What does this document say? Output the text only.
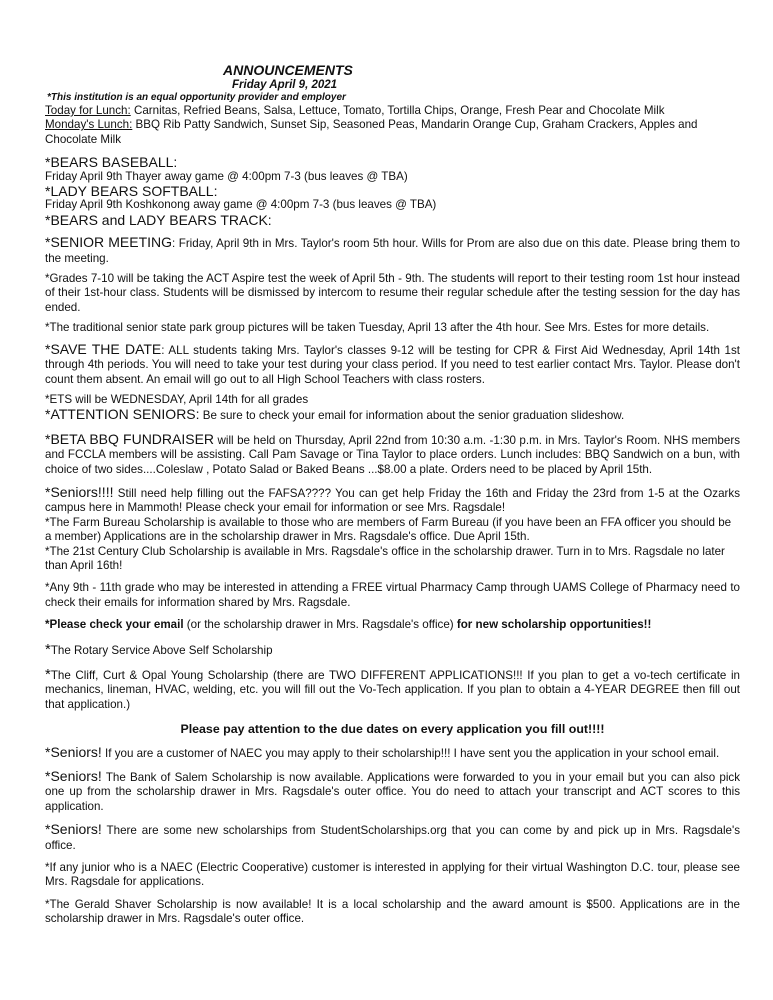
ANNOUNCEMENTS
Friday April 9, 2021
*This institution is an equal opportunity provider and employer

Today for Lunch: Carnitas, Refried Beans, Salsa, Lettuce, Tomato, Tortilla Chips, Orange, Fresh Pear and Chocolate Milk

Monday's Lunch: BBQ Rib Patty Sandwich, Sunset Sip, Seasoned Peas, Mandarin Orange Cup, Graham Crackers, Apples and Chocolate Milk

*BEARS BASEBALL:

Friday April 9th Thayer away game @ 4:00pm 7-3 (bus leaves @ TBA)

*LADY BEARS SOFTBALL:

Friday April 9th Koshkonong away game @ 4:00pm 7-3 (bus leaves @ TBA)

*BEARS and LADY BEARS TRACK:

*SENIOR MEETING: Friday, April 9th in Mrs. Taylor's room 5th hour. Wills for Prom are also due on this date. Please bring them to the meeting.

*Grades 7-10 will be taking the ACT Aspire test the week of April 5th - 9th. The students will report to their testing room 1st hour instead of their 1st-hour class. Students will be dismissed by intercom to resume their regular schedule after the testing session for the day has ended.

*The traditional senior state park group pictures will be taken Tuesday, April 13 after the 4th hour. See Mrs. Estes for more details.

*SAVE THE DATE: ALL students taking Mrs. Taylor's classes 9-12 will be testing for CPR & First Aid Wednesday, April 14th 1st through 4th periods. You will need to take your test during your class period. If you need to test earlier contact Mrs. Taylor. Please don't count them absent. An email will go out to all High School Teachers with class rosters.

*ETS will be WEDNESDAY, April 14th for all grades

*ATTENTION SENIORS: Be sure to check your email for information about the senior graduation slideshow.

*BETA BBQ FUNDRAISER will be held on Thursday, April 22nd from 10:30 a.m. -1:30 p.m. in Mrs. Taylor's Room. NHS members and FCCLA members will be assisting. Call Pam Savage or Tina Taylor to place orders. Lunch includes: BBQ Sandwich on a bun, with choice of two sides....Coleslaw , Potato Salad or Baked Beans ...$8.00 a plate. Orders need to be placed by April 15th.

*Seniors!!!! Still need help filling out the FAFSA???? You can get help Friday the 16th and Friday the 23rd from 1-5 at the Ozarks campus here in Mammoth! Please check your email for information or see Mrs. Ragsdale!

*The Farm Bureau Scholarship is available to those who are members of Farm Bureau (if you have been an FFA officer you should be a member) Applications are in the scholarship drawer in Mrs. Ragsdale's office. Due April 15th.

*The 21st Century Club Scholarship is available in Mrs. Ragsdale's office in the scholarship drawer. Turn in to Mrs. Ragsdale no later than April 16th!

*Any 9th - 11th grade who may be interested in attending a FREE virtual Pharmacy Camp through UAMS College of Pharmacy need to check their emails for information shared by Mrs. Ragsdale.

*Please check your email (or the scholarship drawer in Mrs. Ragsdale's office) for new scholarship opportunities!!

*The Rotary Service Above Self Scholarship

*The Cliff, Curt & Opal Young Scholarship (there are TWO DIFFERENT APPLICATIONS!!! If you plan to get a vo-tech certificate in mechanics, lineman, HVAC, welding, etc. you will fill out the Vo-Tech application. If you plan to obtain a 4-YEAR DEGREE then fill out that application.)

Please pay attention to the due dates on every application you fill out!!!!

*Seniors! If you are a customer of NAEC you may apply to their scholarship!!! I have sent you the application in your school email.

*Seniors! The Bank of Salem Scholarship is now available. Applications were forwarded to you in your email but you can also pick one up from the scholarship drawer in Mrs. Ragsdale's outer office. You do need to attach your transcript and ACT scores to this application.

*Seniors! There are some new scholarships from StudentScholarships.org that you can come by and pick up in Mrs. Ragsdale's office.

*If any junior who is a NAEC (Electric Cooperative) customer is interested in applying for their virtual Washington D.C. tour, please see Mrs. Ragsdale for applications.

*The Gerald Shaver Scholarship is now available! It is a local scholarship and the award amount is $500. Applications are in the scholarship drawer in Mrs. Ragsdale's outer office.
